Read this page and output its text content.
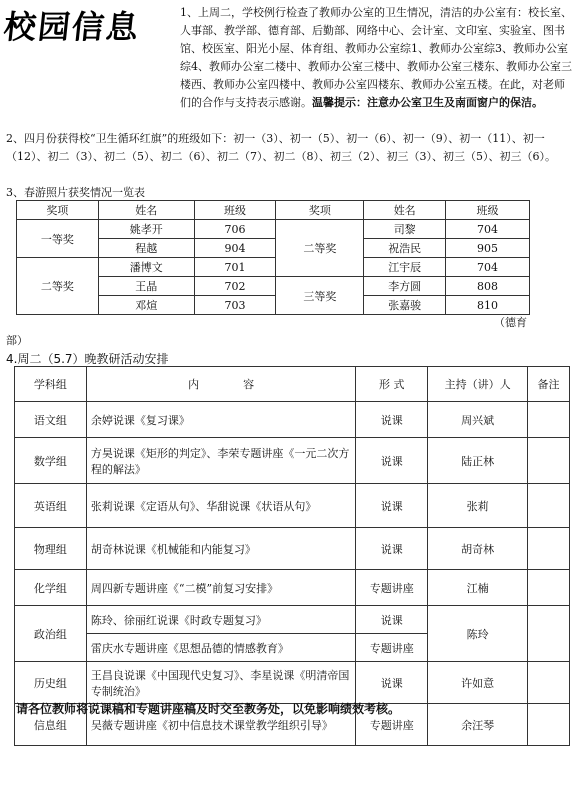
校园信息	1、上周二，学校例行检查了教师办公室的卫生情况，清洁的办公室有：校长室、人事部、教学部、德育部、后勤部、网络中心、会计室、文印室、实验室、图书馆、校医室、阳光小屋、体育组、教师办公室综1、教师办公室综3、教师办公室综4、教师办公室二楼中、教师办公室三楼中、教师办公室三楼东、教师办公室三楼西、教师办公室四楼中、教师办公室四楼东、教师办公室五楼。在此，对老师们的合作与支持表示感谢。温馨提示：注意办公室卫生及南面窗户的保洁。
2、四月份获得校“卫生循环红旗”的班级如下：初一（3）、初一（5）、初一（6）、初一（9）、初一（11）、初一（12）、初二（3）、初二（5）、初二（6）、初二（7）、初二（8）、初三（2）、初三（3）、初三（5）、初三（6）。
3、春游照片获奖情况一览表
奖项	姓名	班级	奖项	姓名	班级
一等奖	姚孝开	706	二等奖	司黎	704
	程越	904		祝浩民	905
二等奖	潘博文	701		江宇辰	704
	王晶	702	三等奖	李方圆	808
	邓煊	703		张嘉骏	810
（德育
部）
4.周二（5.7）晚教研活动安排
学科组	内　　　　容	形 式	主持（讲）人	备注
语文组	余婷说课《复习课》	说课	周兴斌	
数学组	方昊说课《矩形的判定》、李荣专题讲座《一元二次方程的解法》	说课	陆正林	
英语组	张莉说课《定语从句》、华甜说课《状语从句》	说课	张莉	
物理组	胡奇林说课《机械能和内能复习》	说课	胡奇林	
化学组	周四新专题讲座《“二模”前复习安排》	专题讲座	江楠	
政治组	陈玲、徐丽红说课《时政专题复习》	说课	陈玲	
	雷庆水专题讲座《思想品德的情感教育》	专题讲座		
历史组	王昌良说课《中国现代史复习》、李星说课《明清帝国专制统治》	说课	许如意	
信息组	吴薇专题讲座《初中信息技术课堂教学组织引导》	专题讲座	余汪琴	
请各位教师将说课稿和专题讲座稿及时交至教务处，以免影响绩效考核。
